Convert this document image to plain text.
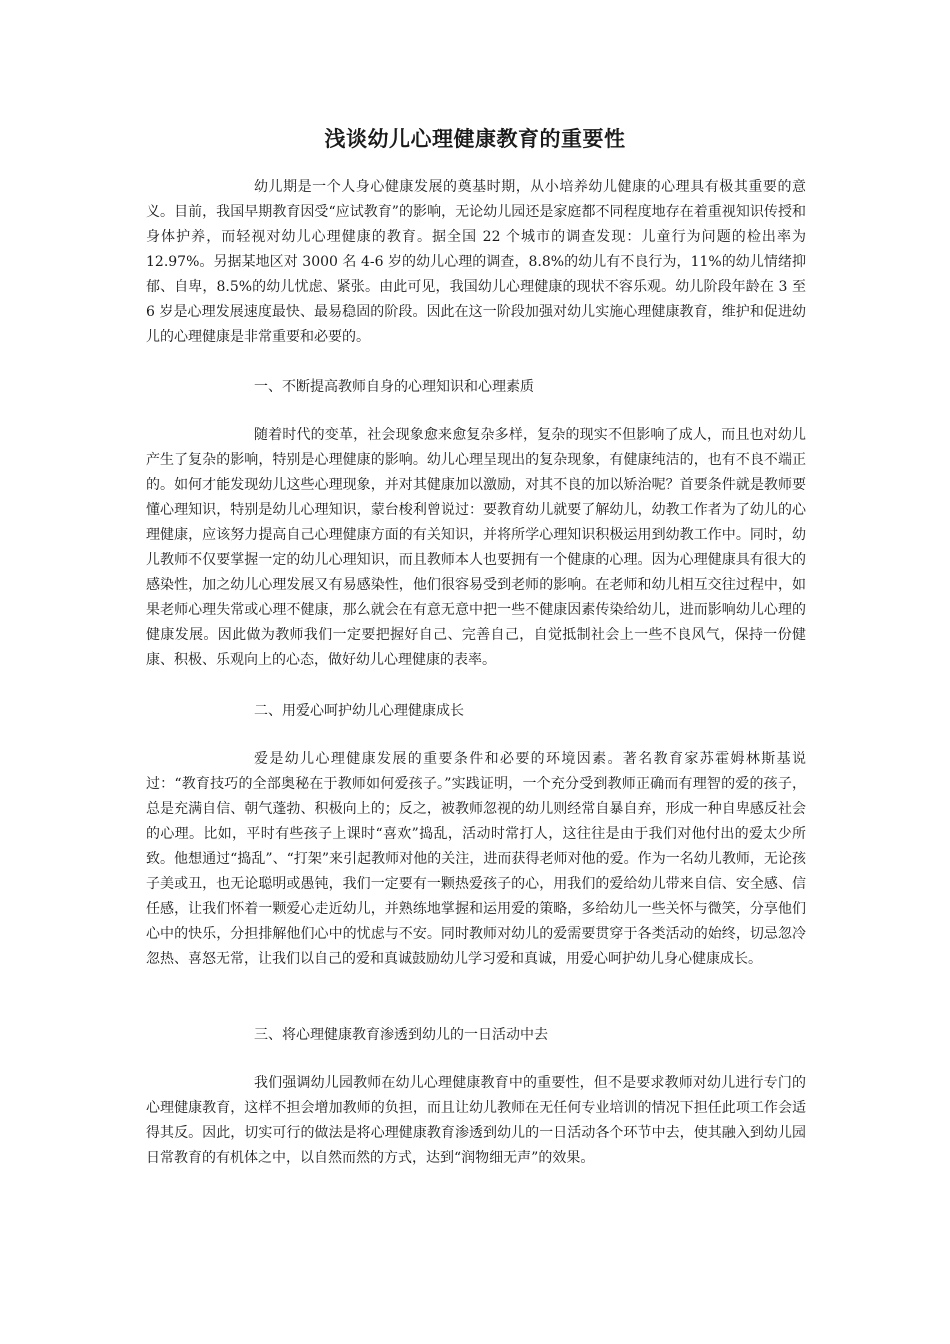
浅谈幼儿心理健康教育的重要性

幼儿期是一个人身心健康发展的奠基时期，从小培养幼儿健康的心理具有极其重要的意义。目前，我国早期教育因受“应试教育”的影响，无论幼儿园还是家庭都不同程度地存在着重视知识传授和身体护养，而轻视对幼儿心理健康的教育。据全国 22 个城市的调查发现：儿童行为问题的检出率为 12.97%。另据某地区对 3000 名 4-6 岁的幼儿心理的调查，8.8%的幼儿有不良行为，11%的幼儿情绪抑郁、自卑，8.5%的幼儿忧虑、紧张。由此可见，我国幼儿心理健康的现状不容乐观。幼儿阶段年龄在 3 至 6 岁是心理发展速度最快、最易稳固的阶段。因此在这一阶段加强对幼儿实施心理健康教育，维护和促进幼儿的心理健康是非常重要和必要的。

一、不断提高教师自身的心理知识和心理素质

随着时代的变革，社会现象愈来愈复杂多样，复杂的现实不但影响了成人，而且也对幼儿产生了复杂的影响，特别是心理健康的影响。幼儿心理呈现出的复杂现象，有健康纯洁的，也有不良不端正的。如何才能发现幼儿这些心理现象，并对其健康加以激励，对其不良的加以矫治呢？首要条件就是教师要懂心理知识，特别是幼儿心理知识，蒙台梭利曾说过：要教育幼儿就要了解幼儿，幼教工作者为了幼儿的心理健康，应该努力提高自己心理健康方面的有关知识，并将所学心理知识积极运用到幼教工作中。同时，幼儿教师不仅要掌握一定的幼儿心理知识，而且教师本人也要拥有一个健康的心理。因为心理健康具有很大的感染性，加之幼儿心理发展又有易感染性，他们很容易受到老师的影响。在老师和幼儿相互交往过程中，如果老师心理失常或心理不健康，那么就会在有意无意中把一些不健康因素传染给幼儿，进而影响幼儿心理的健康发展。因此做为教师我们一定要把握好自己、完善自己，自觉抵制社会上一些不良风气，保持一份健康、积极、乐观向上的心态，做好幼儿心理健康的表率。

二、用爱心呵护幼儿心理健康成长

爱是幼儿心理健康发展的重要条件和必要的环境因素。著名教育家苏霍姆林斯基说过：“教育技巧的全部奥秘在于教师如何爱孩子。”实践证明，一个充分受到教师正确而有理智的爱的孩子，总是充满自信、朝气蓬勃、积极向上的；反之，被教师忽视的幼儿则经常自暴自弃，形成一种自卑感反社会的心理。比如，平时有些孩子上课时“喜欢”捣乱，活动时常打人，这往往是由于我们对他付出的爱太少所致。他想通过“捣乱”、“打架”来引起教师对他的关注，进而获得老师对他的爱。作为一名幼儿教师，无论孩子美或丑，也无论聪明或愚钝，我们一定要有一颗热爱孩子的心，用我们的爱给幼儿带来自信、安全感、信任感，让我们怀着一颗爱心走近幼儿，并熟练地掌握和运用爱的策略，多给幼儿一些关怀与微笑，分享他们心中的快乐，分担排解他们心中的忧虑与不安。同时教师对幼儿的爱需要贯穿于各类活动的始终，切忌忽冷忽热、喜怒无常，让我们以自己的爱和真诚鼓励幼儿学习爱和真诚，用爱心呵护幼儿身心健康成长。

三、将心理健康教育渗透到幼儿的一日活动中去

我们强调幼儿园教师在幼儿心理健康教育中的重要性，但不是要求教师对幼儿进行专门的心理健康教育，这样不担会增加教师的负担，而且让幼儿教师在无任何专业培训的情况下担任此项工作会适得其反。因此，切实可行的做法是将心理健康教育渗透到幼儿的一日活动各个环节中去，使其融入到幼儿园日常教育的有机体之中，以自然而然的方式，达到“润物细无声”的效果。
